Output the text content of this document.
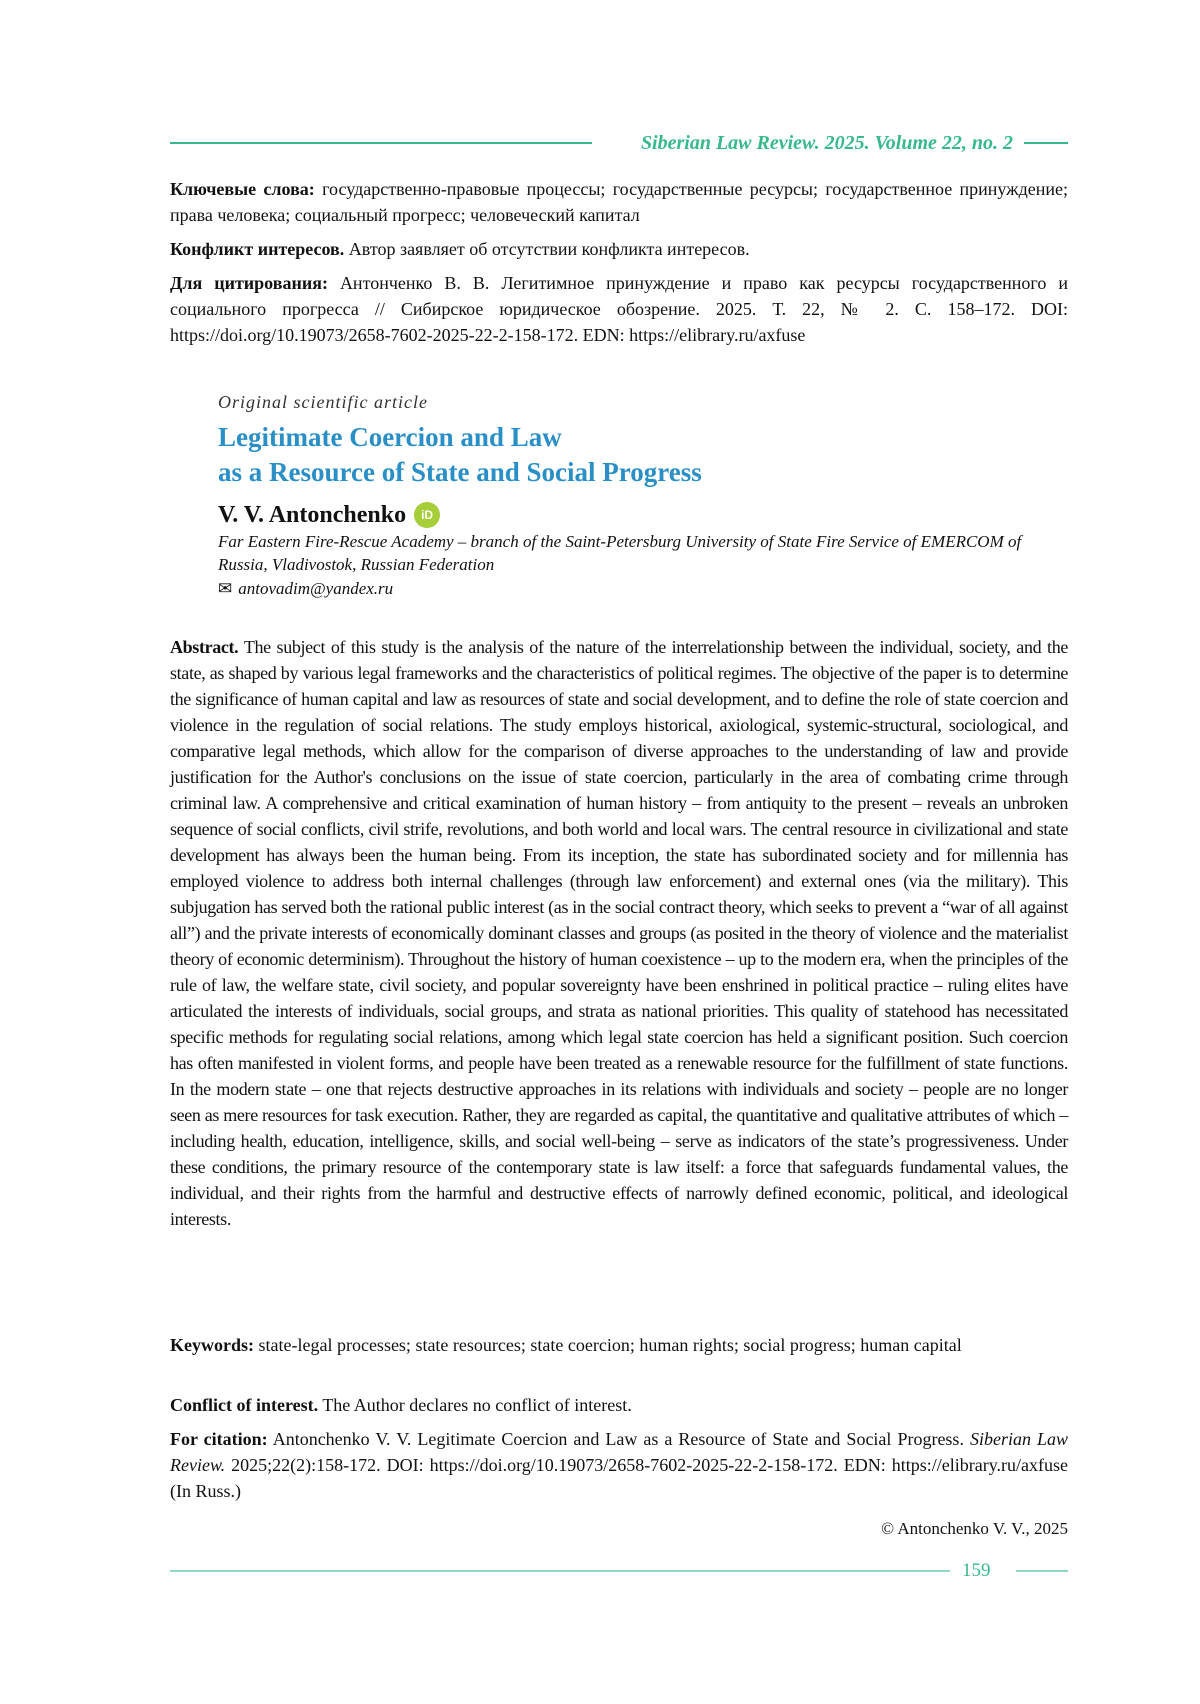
Siberian Law Review. 2025. Volume 22, no. 2
Ключевые слова: государственно-правовые процессы; государственные ресурсы; государственное принуждение; права человека; социальный прогресс; человеческий капитал
Конфликт интересов. Автор заявляет об отсутствии конфликта интересов.
Для цитирования: Антонченко В. В. Легитимное принуждение и право как ресурсы государственного и социального прогресса // Сибирское юридическое обозрение. 2025. Т. 22, № 2. С. 158–172. DOI: https://doi.org/10.19073/2658-7602-2025-22-2-158-172. EDN: https://elibrary.ru/axfuse
Original scientific article
Legitimate Coercion and Law
as a Resource of State and Social Progress
V. V. Antonchenko	iD
Far Eastern Fire-Rescue Academy – branch of the Saint-Petersburg University of State Fire Service of EMERCOM of Russia, Vladivostok, Russian Federation
✉ antovadim@yandex.ru
Abstract. The subject of this study is the analysis of the nature of the interrelationship between the individual, society, and the state, as shaped by various legal frameworks and the characteristics of political regimes. The objective of the paper is to determine the significance of human capital and law as resources of state and social development, and to define the role of state coercion and violence in the regulation of social relations. The study employs historical, axiological, systemic-structural, sociological, and comparative legal methods, which allow for the comparison of diverse approaches to the understanding of law and provide justification for the Author's conclusions on the issue of state coercion, particularly in the area of combating crime through criminal law. A comprehensive and critical examination of human history – from antiquity to the present – reveals an unbroken sequence of social conflicts, civil strife, revolutions, and both world and local wars. The central resource in civilizational and state development has always been the human being. From its inception, the state has subordinated society and for millennia has employed violence to address both internal challenges (through law enforcement) and external ones (via the military). This subjugation has served both the rational public interest (as in the social contract theory, which seeks to prevent a “war of all against all”) and the private interests of economically dominant classes and groups (as posited in the theory of violence and the materialist theory of economic determinism). Throughout the history of human coexistence – up to the modern era, when the principles of the rule of law, the welfare state, civil society, and popular sovereignty have been enshrined in political practice – ruling elites have articulated the interests of individuals, social groups, and strata as national priorities. This quality of statehood has necessitated specific methods for regulating social relations, among which legal state coercion has held a significant position. Such coercion has often manifested in violent forms, and people have been treated as a renewable resource for the fulfillment of state functions. In the modern state – one that rejects destructive approaches in its relations with individuals and society – people are no longer seen as mere resources for task execution. Rather, they are regarded as capital, the quantitative and qualitative attributes of which – including health, education, intelligence, skills, and social well-being – serve as indicators of the state’s progressiveness. Under these conditions, the primary resource of the contemporary state is law itself: a force that safeguards fundamental values, the individual, and their rights from the harmful and destructive effects of narrowly defined economic, political, and ideological interests.
Keywords: state-legal processes; state resources; state coercion; human rights; social progress; human capital
Conflict of interest. The Author declares no conflict of interest.
For citation: Antonchenko V. V. Legitimate Coercion and Law as a Resource of State and Social Progress. Siberian Law Review. 2025;22(2):158-172. DOI: https://doi.org/10.19073/2658-7602-2025-22-2-158-172. EDN: https://elibrary.ru/axfuse (In Russ.)
© Antonchenko V. V., 2025
159
